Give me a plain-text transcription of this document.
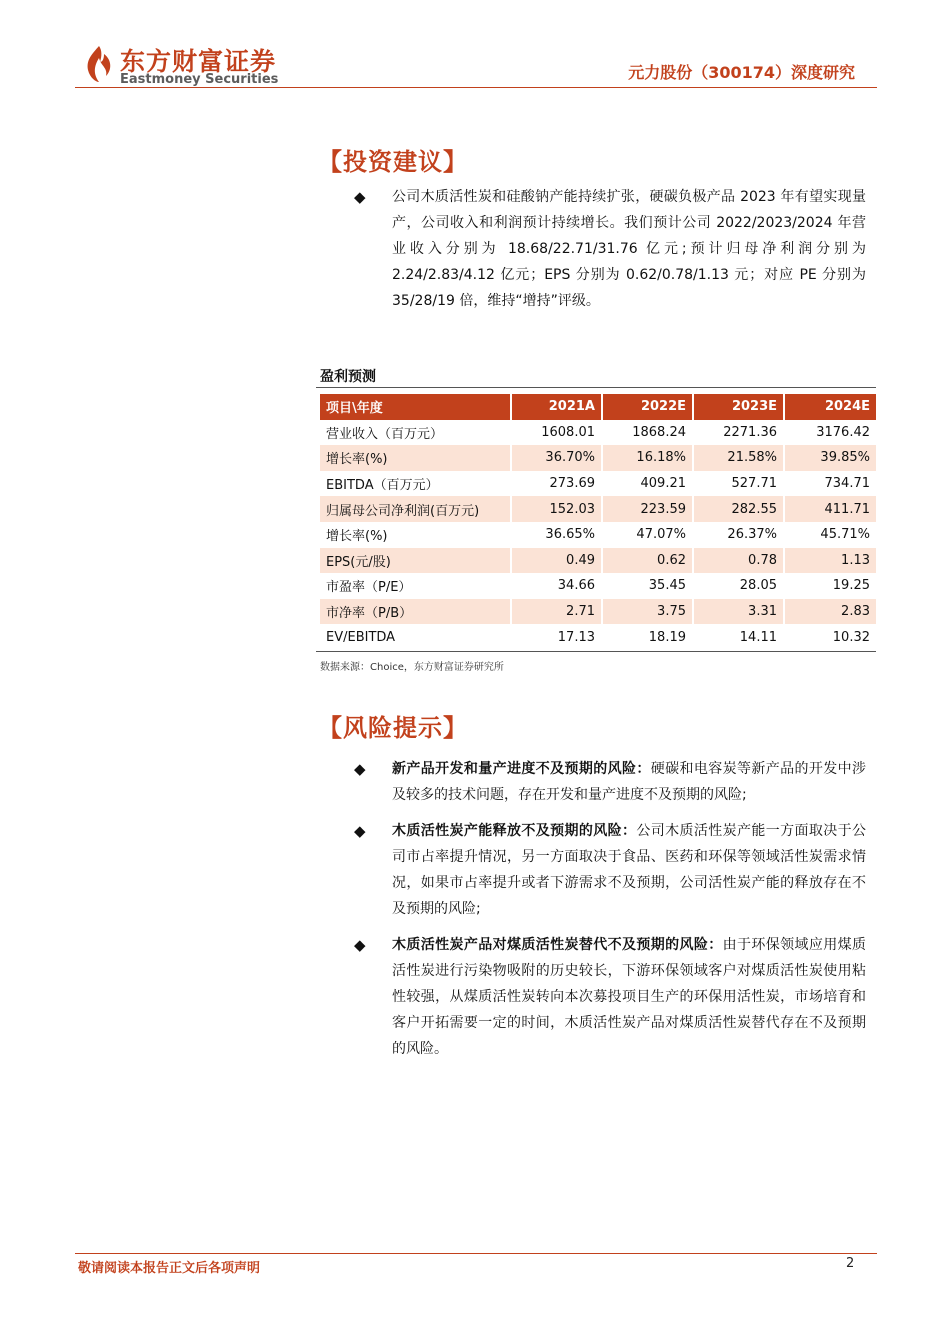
东方财富证券
Eastmoney Securities	元力股份（300174）深度研究
【投资建议】
◆ 公司木质活性炭和硅酸钠产能持续扩张，硬碳负极产品 2023 年有望实现量产，公司收入和利润预计持续增长。我们预计公司 2022/2023/2024 年营业收入分别为 18.68/22.71/31.76 亿元;预计归母净利润分别为 2.24/2.83/4.12 亿元；EPS 分别为 0.62/0.78/1.13 元；对应 PE 分别为 35/28/19 倍，维持“增持”评级。
盈利预测
项目\年度	2021A	2022E	2023E	2024E
营业收入（百万元）	1608.01	1868.24	2271.36	3176.42
增长率(%)	36.70%	16.18%	21.58%	39.85%
EBITDA（百万元）	273.69	409.21	527.71	734.71
归属母公司净利润(百万元)	152.03	223.59	282.55	411.71
增长率(%)	36.65%	47.07%	26.37%	45.71%
EPS(元/股)	0.49	0.62	0.78	1.13
市盈率（P/E）	34.66	35.45	28.05	19.25
市净率（P/B）	2.71	3.75	3.31	2.83
EV/EBITDA	17.13	18.19	14.11	10.32
数据来源：Choice，东方财富证券研究所
【风险提示】
◆ 新产品开发和量产进度不及预期的风险：硬碳和电容炭等新产品的开发中涉及较多的技术问题，存在开发和量产进度不及预期的风险;
◆ 木质活性炭产能释放不及预期的风险：公司木质活性炭产能一方面取决于公司市占率提升情况，另一方面取决于食品、医药和环保等领域活性炭需求情况，如果市占率提升或者下游需求不及预期，公司活性炭产能的释放存在不及预期的风险;
◆ 木质活性炭产品对煤质活性炭替代不及预期的风险：由于环保领域应用煤质活性炭进行污染物吸附的历史较长，下游环保领域客户对煤质活性炭使用粘性较强，从煤质活性炭转向本次募投项目生产的环保用活性炭，市场培育和客户开拓需要一定的时间，木质活性炭产品对煤质活性炭替代存在不及预期的风险。
敬请阅读本报告正文后各项声明	2
